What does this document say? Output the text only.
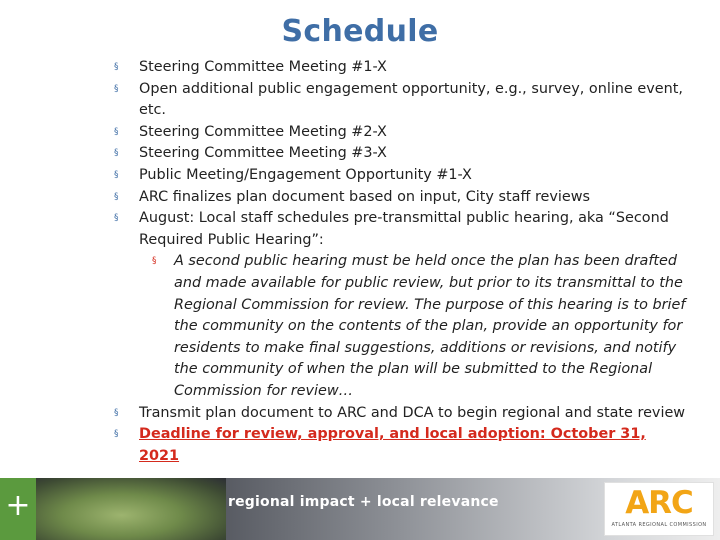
Schedule
§ Steering Committee Meeting #1-X
§ Open additional public engagement opportunity, e.g., survey, online event, etc.
§ Steering Committee Meeting #2-X
§ Steering Committee Meeting #3-X
§ Public Meeting/Engagement Opportunity #1-X
§ ARC finalizes plan document based on input, City staff reviews
§ August: Local staff schedules pre-transmittal public hearing, aka “Second Required Public Hearing”:
§ A second public hearing must be held once the plan has been drafted and made available for public review, but prior to its transmittal to the Regional Commission for review. The purpose of this hearing is to brief the community on the contents of the plan, provide an opportunity for residents to make final suggestions, additions or revisions, and notify the community of when the plan will be submitted to the Regional Commission for review…
§ Transmit plan document to ARC and DCA to begin regional and state review
§ Deadline for review, approval, and local adoption: October 31, 2021
+	regional impact + local relevance	ARC
ATLANTA REGIONAL COMMISSION
